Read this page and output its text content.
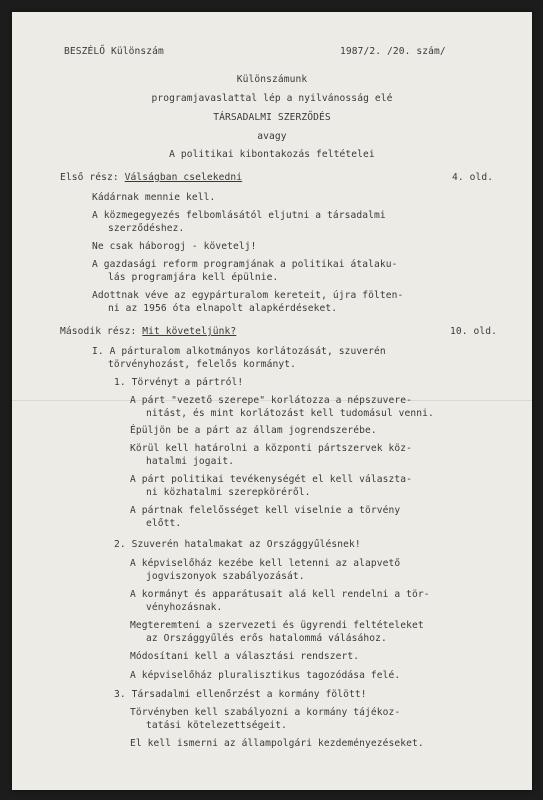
BESZÉLŐ Különszám	1987/2. /20. szám/
Különszámunk
programjavaslattal lép a nyilvánosság elé
TÁRSADALMI SZERZŐDÉS
avagy
A politikai kibontakozás feltételei
Első rész: Válságban cselekedni	4. old.
Kádárnak mennie kell.
A közmegegyezés felbomlásától eljutni a társadalmi
szerződéshez.
Ne csak háborogj - követelj!
A gazdasági reform programjának a politikai átalaku-
lás programjára kell épülnie.
Adottnak véve az egypárturalom kereteit, újra fölten-
ni az 1956 óta elnapolt alapkérdéseket.
Második rész: Mit követeljünk?	10. old.
I. A párturalom alkotmányos korlátozását, szuverén
törvényhozást, felelős kormányt.
1. Törvényt a pártról!
A párt "vezető szerepe" korlátozza a népszuvere-
nitást, és mint korlátozást kell tudomásul venni.
Épüljön be a párt az állam jogrendszerébe.
Körül kell határolni a központi pártszervek köz-
hatalmi jogait.
A párt politikai tevékenységét el kell választa-
ni közhatalmi szerepköréről.
A pártnak felelősséget kell viselnie a törvény
előtt.
2. Szuverén hatalmakat az Országgyűlésnek!
A képviselőház kezébe kell letenni az alapvető
jogviszonyok szabályozását.
A kormányt és apparátusait alá kell rendelni a tör-
vényhozásnak.
Megteremteni a szervezeti és ügyrendi feltételeket
az Országgyűlés erős hatalommá válásához.
Módosítani kell a választási rendszert.
A képviselőház pluralisztikus tagozódása felé.
3. Társadalmi ellenőrzést a kormány fölött!
Törvényben kell szabályozni a kormány tájékoz-
tatási kötelezettségeit.
El kell ismerni az állampolgári kezdeményezéseket.
